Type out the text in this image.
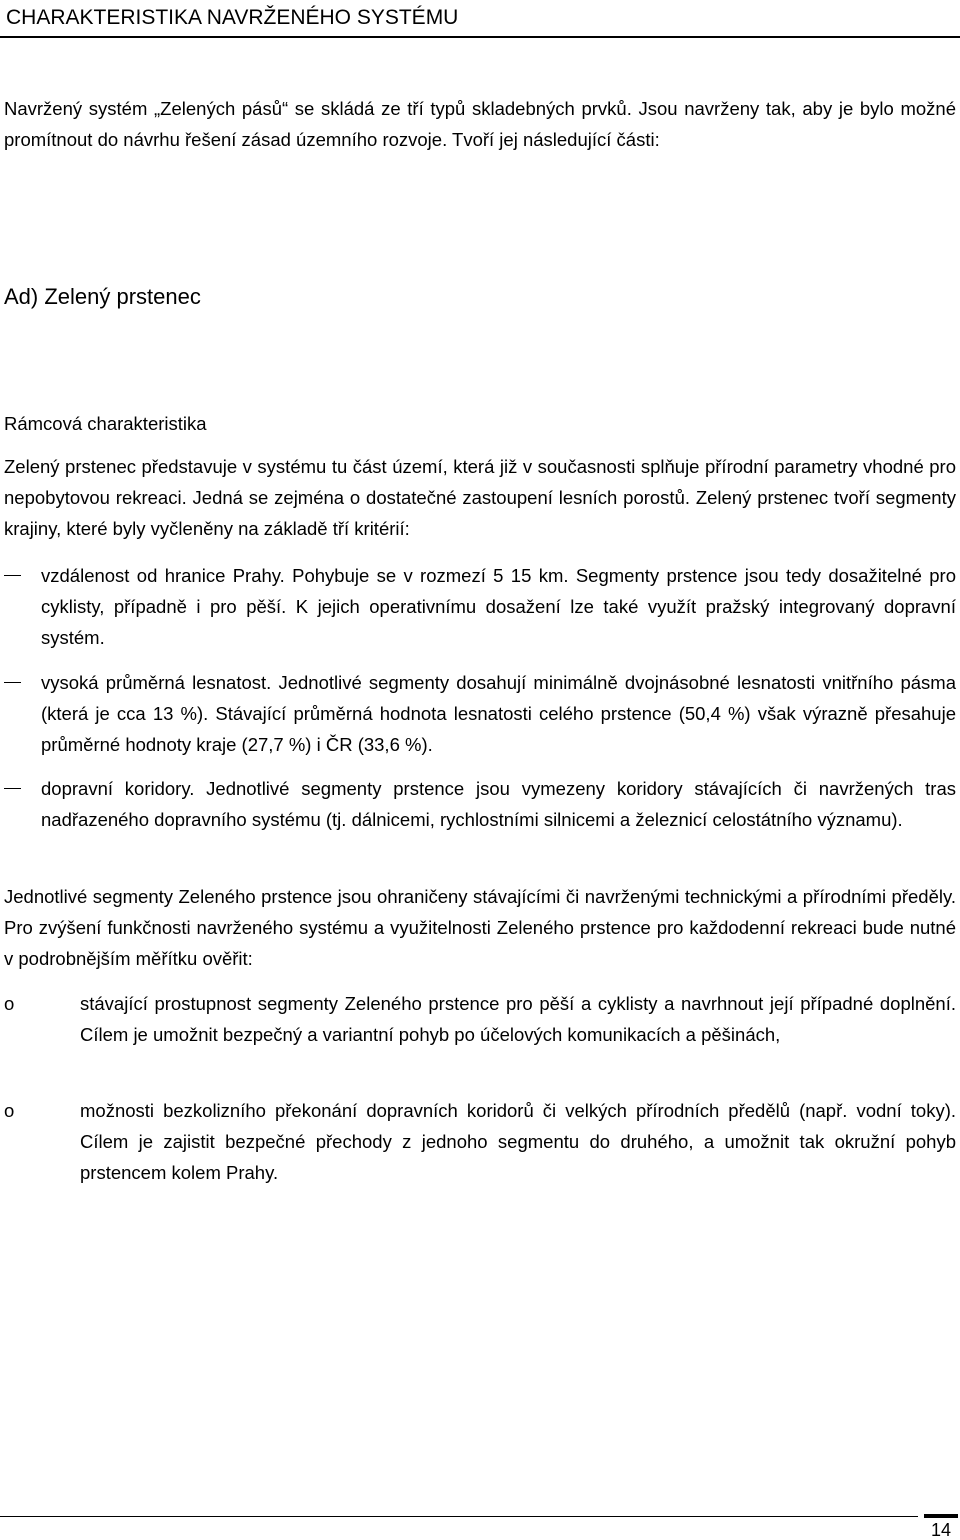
CHARAKTERISTIKA NAVRŽENÉHO SYSTÉMU
Navržený systém „Zelených pásů“ se skládá ze tří typů skladebných prvků. Jsou navrženy tak, aby je bylo možné promítnout do návrhu řešení zásad územního rozvoje. Tvoří jej následující části:
Ad) Zelený prstenec
Rámcová charakteristika
Zelený prstenec představuje v systému tu část území, která již v současnosti splňuje přírodní parametry vhodné pro nepobytovou rekreaci. Jedná se zejména o dostatečné zastoupení lesních porostů. Zelený prstenec tvoří segmenty krajiny, které byly vyčleněny na základě tří kritérií:
vzdálenost od hranice Prahy. Pohybuje se v rozmezí 5 15 km. Segmenty prstence jsou tedy dosažitelné pro cyklisty, případně i pro pěší. K jejich operativnímu dosažení lze také využít pražský integrovaný dopravní systém.
vysoká průměrná lesnatost. Jednotlivé segmenty dosahují minimálně dvojnásobné lesnatosti vnitřního pásma (která je cca 13 %). Stávající průměrná hodnota lesnatosti celého prstence (50,4 %) však výrazně přesahuje průměrné hodnoty kraje (27,7 %) i ČR (33,6 %).
dopravní koridory. Jednotlivé segmenty prstence jsou vymezeny koridory stávajících či navržených tras nadřazeného dopravního systému (tj. dálnicemi, rychlostními silnicemi a železnicí celostátního významu).
Jednotlivé segmenty Zeleného prstence jsou ohraničeny stávajícími či navrženými technickými a přírodními předěly. Pro zvýšení funkčnosti navrženého systému a využitelnosti Zeleného prstence pro každodenní rekreaci bude nutné v podrobnějším měřítku ověřit:
o	stávající prostupnost segmenty Zeleného prstence pro pěší a cyklisty a navrhnout její případné doplnění. Cílem je umožnit bezpečný a variantní pohyb po účelových komunikacích a pěšinách,
o	možnosti bezkolizního překonání dopravních koridorů či velkých přírodních předělů (např. vodní toky). Cílem je zajistit bezpečné přechody z jednoho segmentu do druhého, a umožnit tak okružní pohyb prstencem kolem Prahy.
14
